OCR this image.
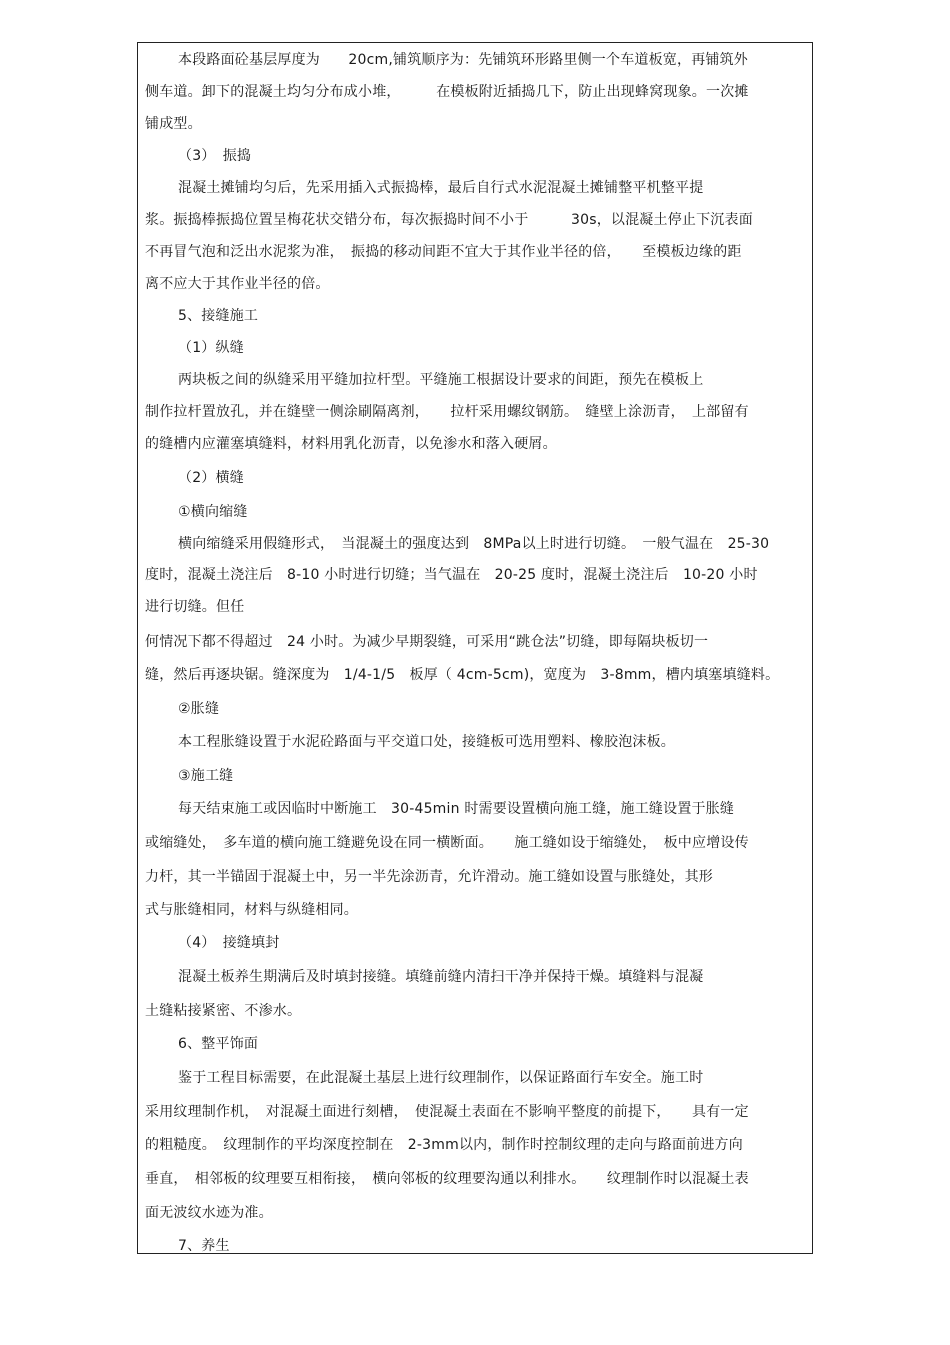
本段路面砼基层厚度为　　20cm,铺筑顺序为：先铺筑环形路里侧一个车道板宽，再铺筑外
侧车道。卸下的混凝土均匀分布成小堆，　　　在模板附近插捣几下，防止出现蜂窝现象。一次摊
铺成型。
（3）　振捣
混凝土摊铺均匀后，先采用插入式振捣棒，最后自行式水泥混凝土摊铺整平机整平提
浆。振捣棒振捣位置呈梅花状交错分布，每次振捣时间不小于　　　30s，以混凝土停止下沉表面
不再冒气泡和泛出水泥浆为准，　振捣的移动间距不宜大于其作业半径的倍，　　至模板边缘的距
离不应大于其作业半径的倍。
5、接缝施工
（1）纵缝
两块板之间的纵缝采用平缝加拉杆型。平缝施工根据设计要求的间距，预先在模板上
制作拉杆置放孔，并在缝壁一侧涂刷隔离剂，　　拉杆采用螺纹钢筋。　缝壁上涂沥青，　上部留有
的缝槽内应灌塞填缝料，材料用乳化沥青，以免渗水和落入硬屑。
（2）横缝
①横向缩缝
横向缩缝采用假缝形式，　当混凝土的强度达到　8MPa以上时进行切缝。　一般气温在　25-30
度时，混凝土浇注后　8-10 小时进行切缝；当气温在　20-25 度时，混凝土浇注后　10-20 小时
进行切缝。但任
何情况下都不得超过　24 小时。为减少早期裂缝，可采用“跳仓法”切缝，即每隔块板切一
缝，然后再逐块锯。缝深度为　1/4-1/5　板厚（ 4cm-5cm)，宽度为　3-8mm，槽内填塞填缝料。
②胀缝
本工程胀缝设置于水泥砼路面与平交道口处，接缝板可选用塑料、橡胶泡沫板。
③施工缝
每天结束施工或因临时中断施工　30-45min 时需要设置横向施工缝，施工缝设置于胀缝
或缩缝处，　多车道的横向施工缝避免设在同一横断面。　　施工缝如设于缩缝处，　板中应增设传
力杆，其一半锚固于混凝土中，另一半先涂沥青，允许滑动。施工缝如设置与胀缝处，其形
式与胀缝相同，材料与纵缝相同。
（4）　接缝填封
混凝土板养生期满后及时填封接缝。填缝前缝内清扫干净并保持干燥。填缝料与混凝
土缝粘接紧密、不渗水。
6、整平饰面
鉴于工程目标需要，在此混凝土基层上进行纹理制作，以保证路面行车安全。施工时
采用纹理制作机，　对混凝土面进行刻槽，　使混凝土表面在不影响平整度的前提下，　　具有一定
的粗糙度。　纹理制作的平均深度控制在　2-3mm以内，制作时控制纹理的走向与路面前进方向
垂直，　相邻板的纹理要互相衔接，　横向邻板的纹理要沟通以利排水。　　纹理制作时以混凝土表
面无波纹水迹为准。
7、养生
